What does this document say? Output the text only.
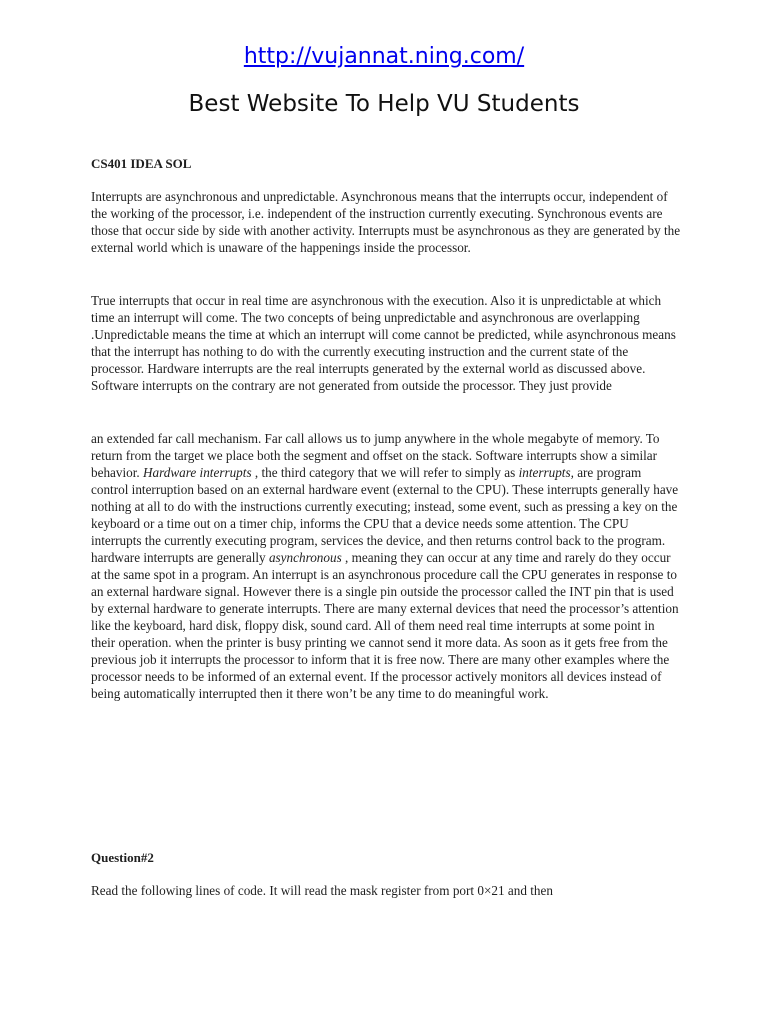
http://vujannat.ning.com/
Best Website To Help VU Students
CS401 IDEA SOL

Interrupts are asynchronous and unpredictable. Asynchronous means that the interrupts occur, independent of the working of the processor, i.e. independent of the instruction currently executing. Synchronous events are those that occur side by side with another activity. Interrupts must be asynchronous as they are generated by the external world which is unaware of the happenings inside the processor.

True interrupts that occur in real time are asynchronous with the execution. Also it is unpredictable at which time an interrupt will come. The two concepts of being unpredictable and asynchronous are overlapping .Unpredictable means the time at which an interrupt will come cannot be predicted, while asynchronous means that the interrupt has nothing to do with the currently executing instruction and the current state of the processor. Hardware interrupts are the real interrupts generated by the external world as discussed above. Software interrupts on the contrary are not generated from outside the processor. They just provide

an extended far call mechanism. Far call allows us to jump anywhere in the whole megabyte of memory. To return from the target we place both the segment and offset on the stack. Software interrupts show a similar behavior. Hardware interrupts , the third category that we will refer to simply as interrupts, are program control interruption based on an external hardware event (external to the CPU). These interrupts generally have nothing at all to do with the instructions currently executing; instead, some event, such as pressing a key on the keyboard or a time out on a timer chip, informs the CPU that a device needs some attention. The CPU interrupts the currently executing program, services the device, and then returns control back to the program. hardware interrupts are generally asynchronous , meaning they can occur at any time and rarely do they occur at the same spot in a program. An interrupt is an asynchronous procedure call the CPU generates in response to an external hardware signal. However there is a single pin outside the processor called the INT pin that is used by external hardware to generate interrupts. There are many external devices that need the processor’s attention like the keyboard, hard disk, floppy disk, sound card. All of them need real time interrupts at some point in their operation. when the printer is busy printing we cannot send it more data. As soon as it gets free from the previous job it interrupts the processor to inform that it is free now. There are many other examples where the processor needs to be informed of an external event. If the processor actively monitors all devices instead of being automatically interrupted then it there won’t be any time to do meaningful work.

Question#2

Read the following lines of code. It will read the mask register from port 0×21 and then
